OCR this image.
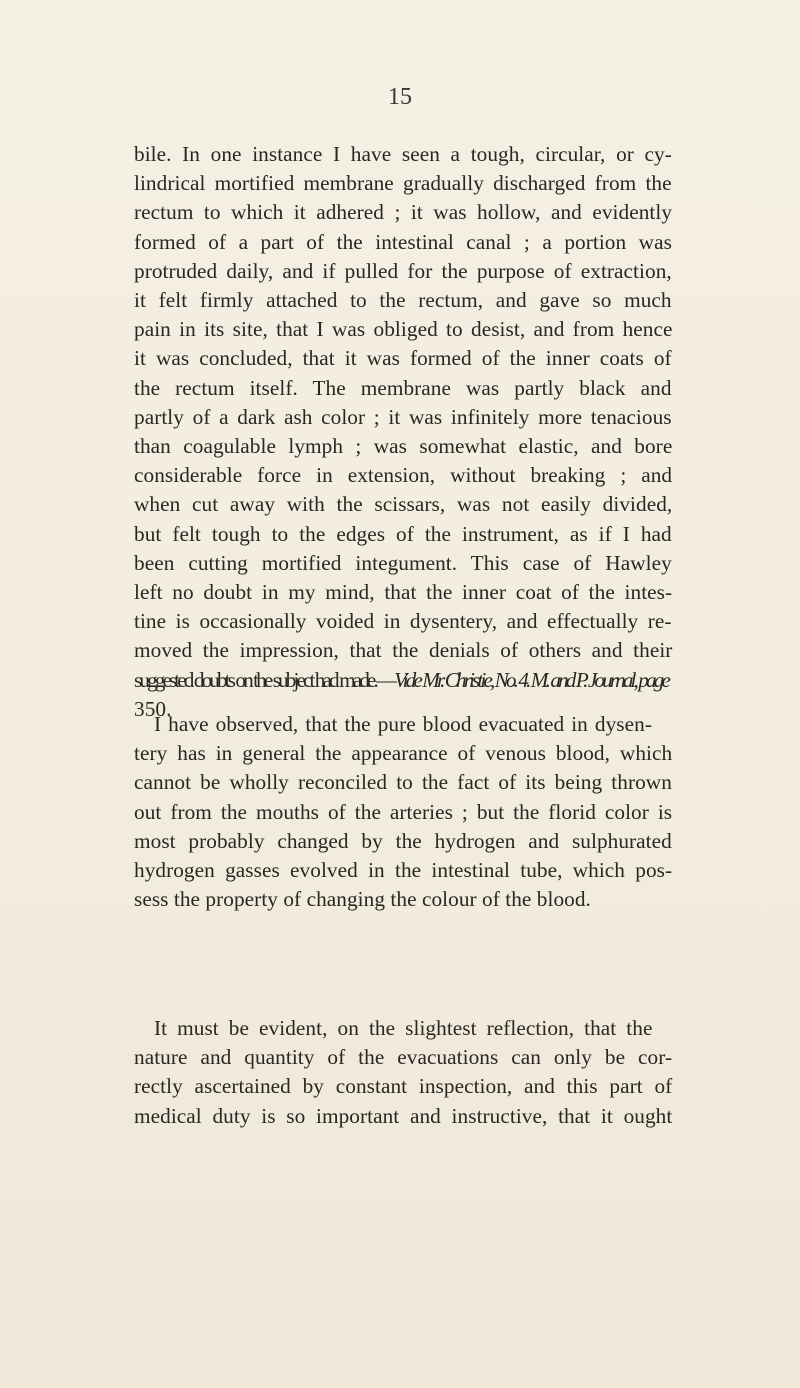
15
bile. In one instance I have seen a tough, circular, or cy-
lindrical mortified membrane gradually discharged from the
rectum to which it adhered ; it was hollow, and evidently
formed of a part of the intestinal canal ; a portion was
protruded daily, and if pulled for the purpose of extraction,
it felt firmly attached to the rectum, and gave so much
pain in its site, that I was obliged to desist, and from hence
it was concluded, that it was formed of the inner coats of
the rectum itself. The membrane was partly black and
partly of a dark ash color ; it was infinitely more tenacious
than coagulable lymph ; was somewhat elastic, and bore
considerable force in extension, without breaking ; and
when cut away with the scissars, was not easily divided,
but felt tough to the edges of the instrument, as if I had
been cutting mortified integument. This case of Hawley
left no doubt in my mind, that the inner coat of the intes-
tine is occasionally voided in dysentery, and effectually re-
moved the impression, that the denials of others and their
suggested doubts on the subject had made.—Vide Mr. Christie, No. 4. M. and P. Journal, page
350.
I have observed, that the pure blood evacuated in dysen-
tery has in general the appearance of venous blood, which
cannot be wholly reconciled to the fact of its being thrown
out from the mouths of the arteries ; but the florid color is
most probably changed by the hydrogen and sulphurated
hydrogen gasses evolved in the intestinal tube, which pos-
sess the property of changing the colour of the blood.
It must be evident, on the slightest reflection, that the
nature and quantity of the evacuations can only be cor-
rectly ascertained by constant inspection, and this part of
medical duty is so important and instructive, that it ought
